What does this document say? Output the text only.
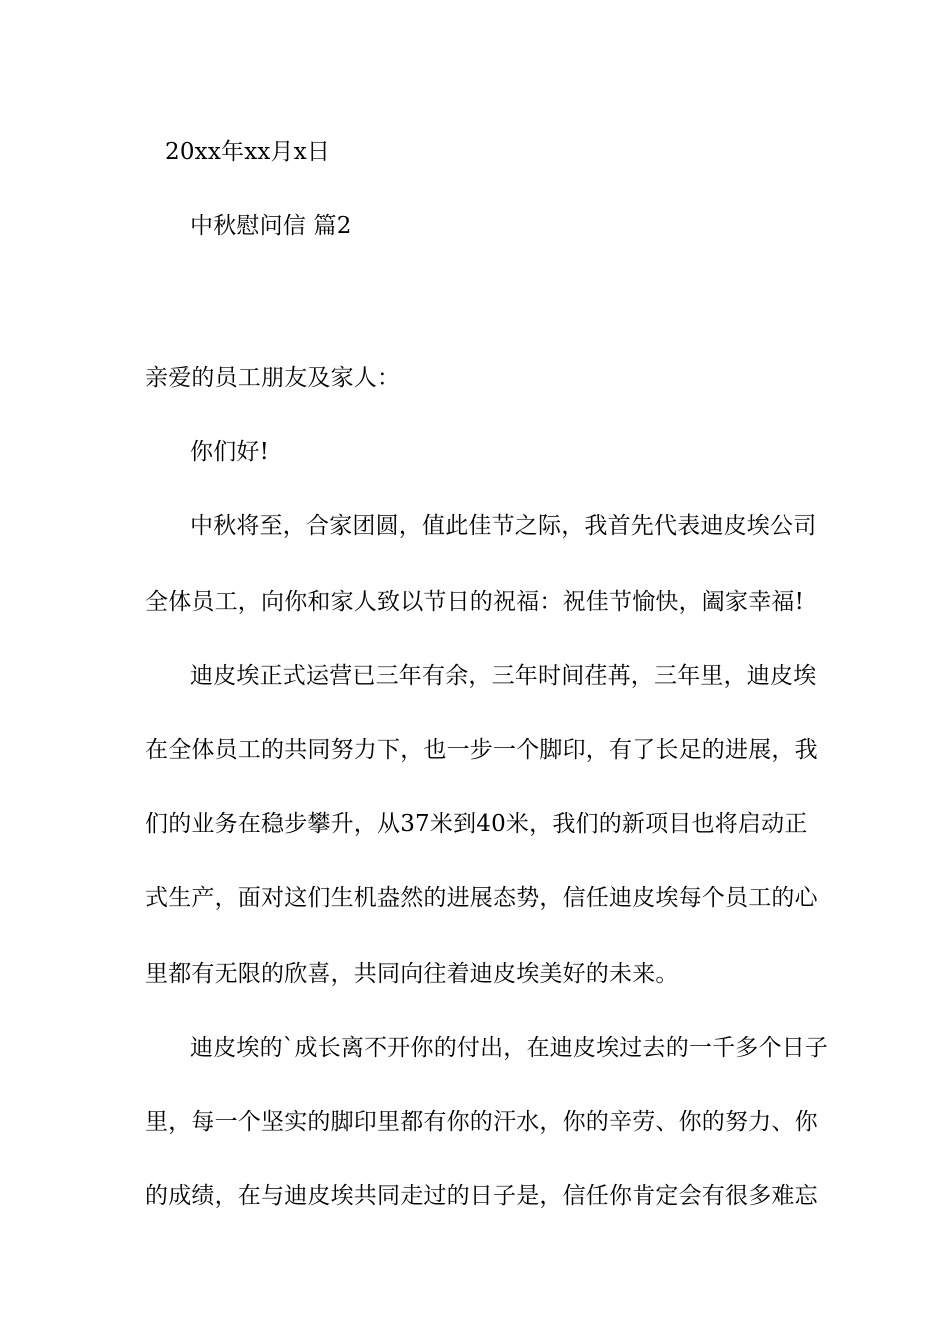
20xx年xx月x日
中秋慰问信 篇2
亲爱的员工朋友及家人：
你们好!
中秋将至，合家团圆，值此佳节之际，我首先代表迪皮埃公司
全体员工，向你和家人致以节日的祝福：祝佳节愉快，阖家幸福!
迪皮埃正式运营已三年有余，三年时间荏苒，三年里，迪皮埃
在全体员工的共同努力下，也一步一个脚印，有了长足的进展，我
们的业务在稳步攀升，从37米到40米，我们的新项目也将启动正
式生产，面对这们生机盎然的进展态势，信任迪皮埃每个员工的心
里都有无限的欣喜，共同向往着迪皮埃美好的未来。
迪皮埃的`成长离不开你的付出，在迪皮埃过去的一千多个日子
里，每一个坚实的脚印里都有你的汗水，你的辛劳、你的努力、你
的成绩，在与迪皮埃共同走过的日子是，信任你肯定会有很多难忘
